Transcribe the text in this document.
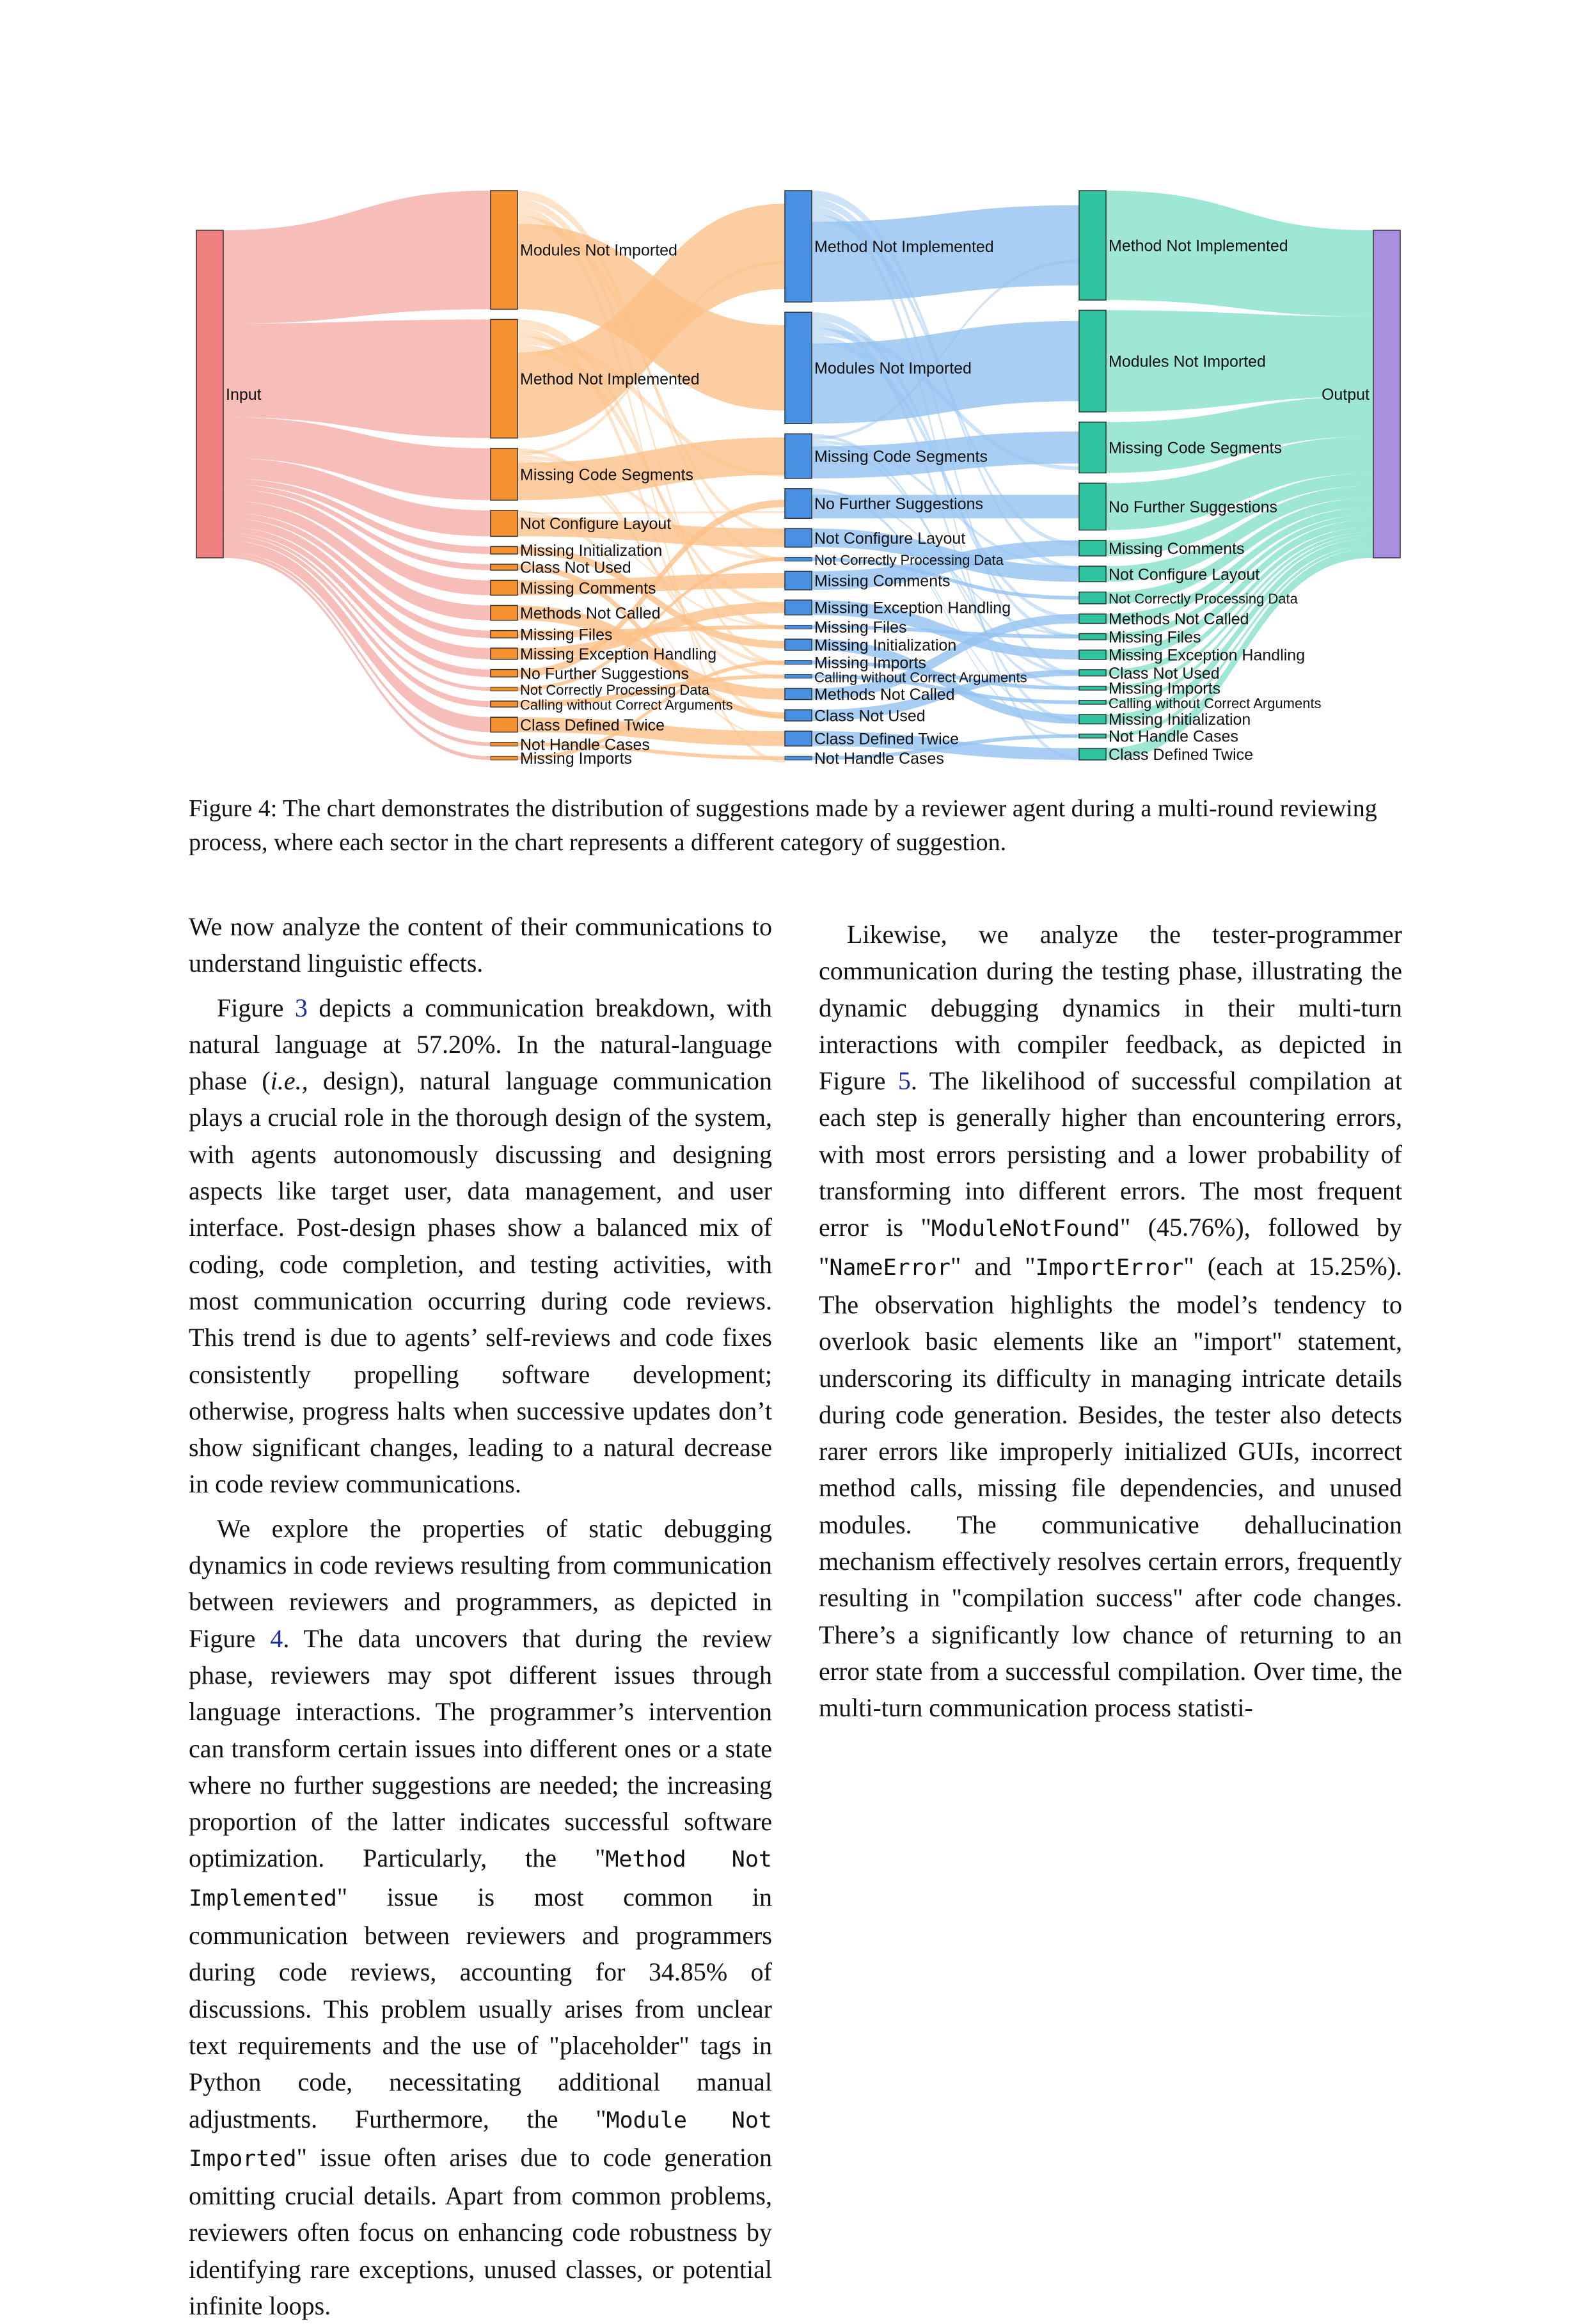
Input
Modules Not Imported
Method Not Implemented
Missing Code Segments
Not Configure Layout
Missing Initialization
Class Not Used
Missing Comments
Methods Not Called
Missing Files
Missing Exception Handling
No Further Suggestions
Not Correctly Processing Data
Calling without Correct Arguments
Class Defined Twice
Not Handle Cases
Missing Imports
Method Not Implemented
Modules Not Imported
Missing Code Segments
No Further Suggestions
Not Configure Layout
Not Correctly Processing Data
Missing Comments
Missing Exception Handling
Missing Files
Missing Initialization
Missing Imports
Calling without Correct Arguments
Methods Not Called
Class Not Used
Class Defined Twice
Not Handle Cases
Method Not Implemented
Modules Not Imported
Missing Code Segments
No Further Suggestions
Missing Comments
Not Configure Layout
Not Correctly Processing Data
Methods Not Called
Missing Files
Missing Exception Handling
Class Not Used
Missing Imports
Calling without Correct Arguments
Missing Initialization
Not Handle Cases
Class Defined Twice
Output
Figure 4: The chart demonstrates the distribution of suggestions made by a reviewer agent during a multi-round reviewing process, where each sector in the chart represents a different category of suggestion.

We now analyze the content of their communications to understand linguistic effects.

Figure 3 depicts a communication breakdown, with natural language at 57.20%. In the natural-language phase (i.e., design), natural language communication plays a crucial role in the thorough design of the system, with agents autonomously discussing and designing aspects like target user, data management, and user interface. Post-design phases show a balanced mix of coding, code completion, and testing activities, with most communication occurring during code reviews. This trend is due to agents’ self-reviews and code fixes consistently propelling software development; otherwise, progress halts when successive updates don’t show significant changes, leading to a natural decrease in code review communications.

We explore the properties of static debugging dynamics in code reviews resulting from communication between reviewers and programmers, as depicted in Figure 4. The data uncovers that during the review phase, reviewers may spot different issues through language interactions. The programmer’s intervention can transform certain issues into different ones or a state where no further suggestions are needed; the increasing proportion of the latter indicates successful software optimization. Particularly, the "Method Not Implemented" issue is most common in communication between reviewers and programmers during code reviews, accounting for 34.85% of discussions. This problem usually arises from unclear text requirements and the use of "placeholder" tags in Python code, necessitating additional manual adjustments. Furthermore, the "Module Not Imported" issue often arises due to code generation omitting crucial details. Apart from common problems, reviewers often focus on enhancing code robustness by identifying rare exceptions, unused classes, or potential infinite loops.

Likewise, we analyze the tester-programmer communication during the testing phase, illustrating the dynamic debugging dynamics in their multi-turn interactions with compiler feedback, as depicted in Figure 5. The likelihood of successful compilation at each step is generally higher than encountering errors, with most errors persisting and a lower probability of transforming into different errors. The most frequent error is "ModuleNotFound" (45.76%), followed by "NameError" and "ImportError" (each at 15.25%). The observation highlights the model’s tendency to overlook basic elements like an "import" statement, underscoring its difficulty in managing intricate details during code generation. Besides, the tester also detects rarer errors like improperly initialized GUIs, incorrect method calls, missing file dependencies, and unused modules. The communicative dehallucination mechanism effectively resolves certain errors, frequently resulting in "compilation success" after code changes. There’s a significantly low chance of returning to an error state from a successful compilation. Over time, the multi-turn communication process statisti-
